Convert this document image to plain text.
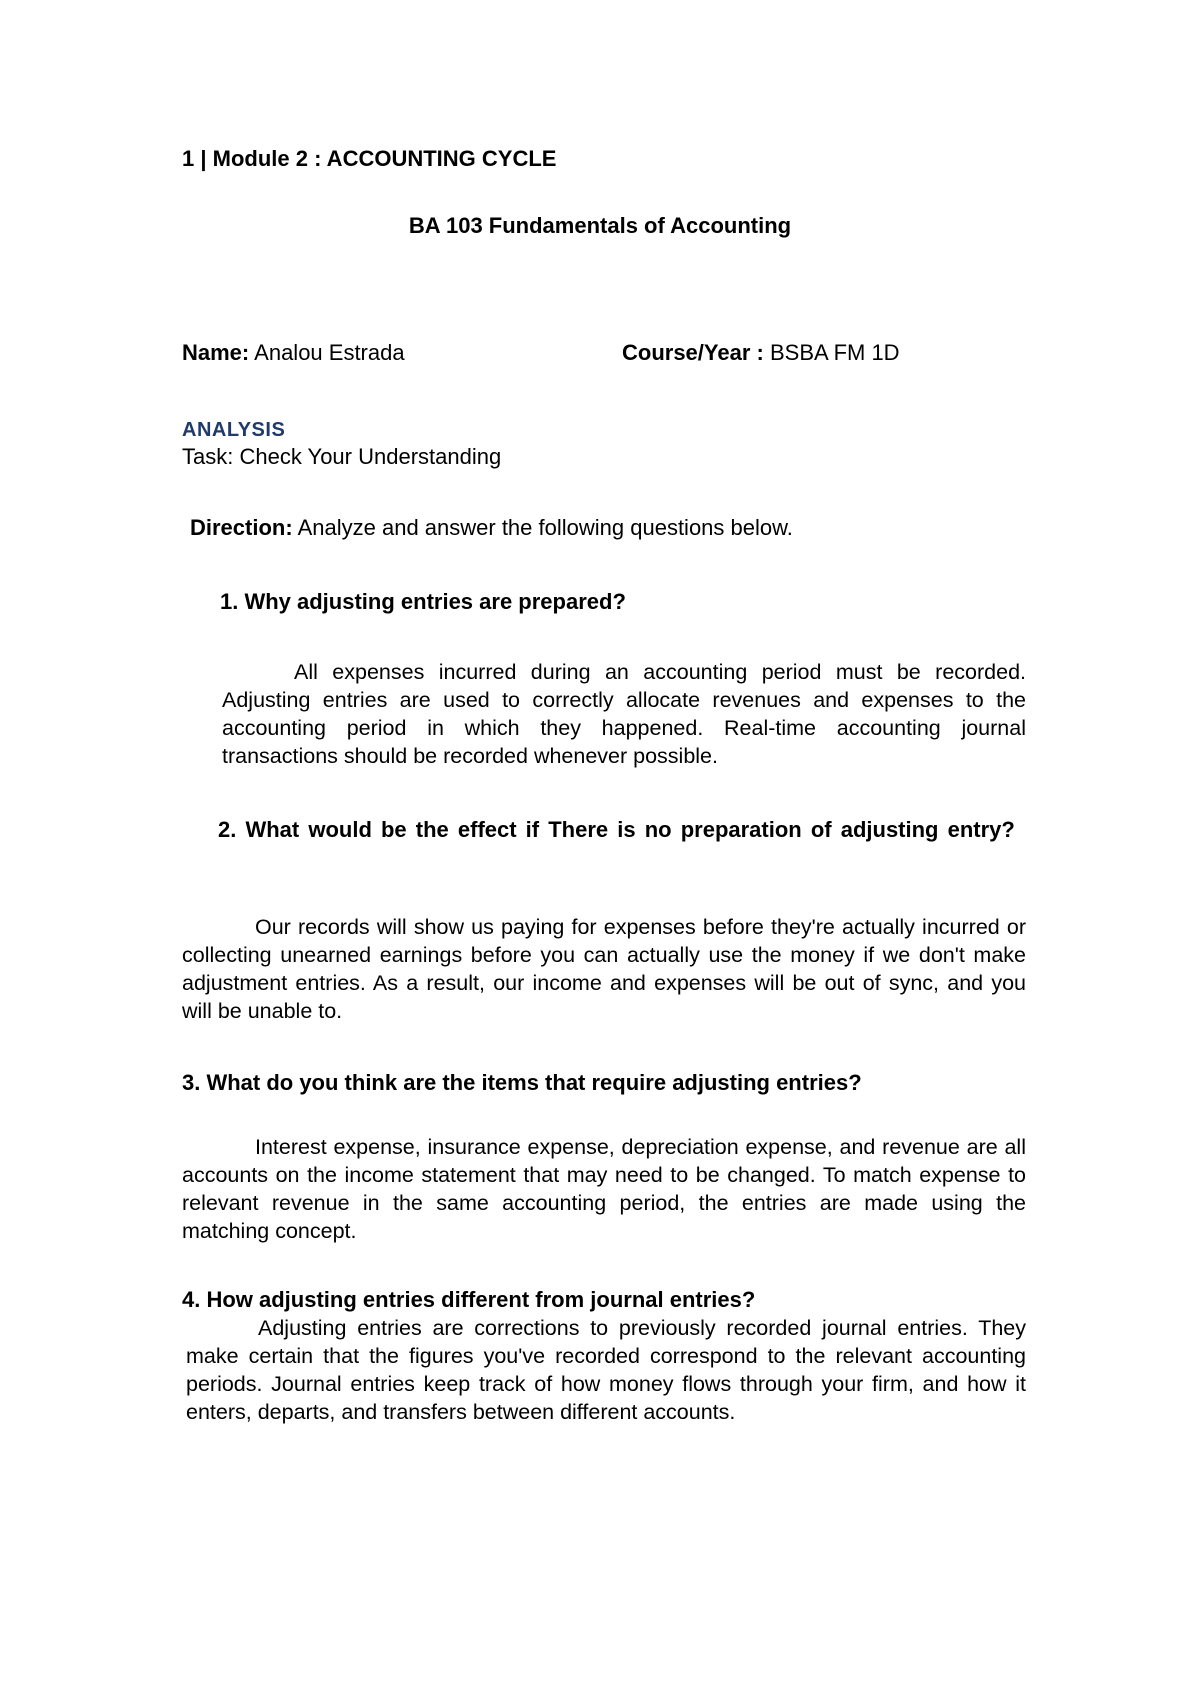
1 | Module 2 : ACCOUNTING CYCLE
BA 103 Fundamentals of Accounting
Name: Analou Estrada	Course/Year : BSBA FM 1D
ANALYSIS
Task: Check Your Understanding
Direction: Analyze and answer the following questions below.
1. Why adjusting entries are prepared?
All expenses incurred during an accounting period must be recorded. Adjusting entries are used to correctly allocate revenues and expenses to the accounting period in which they happened. Real-time accounting journal transactions should be recorded whenever possible.
2. What would be the effect if There is no preparation of adjusting entry?
Our records will show us paying for expenses before they're actually incurred or collecting unearned earnings before you can actually use the money if we don't make adjustment entries. As a result, our income and expenses will be out of sync, and you will be unable to.
3. What do you think are the items that require adjusting entries?
Interest expense, insurance expense, depreciation expense, and revenue are all accounts on the income statement that may need to be changed. To match expense to relevant revenue in the same accounting period, the entries are made using the matching concept.
4. How adjusting entries different from journal entries?
Adjusting entries are corrections to previously recorded journal entries. They make certain that the figures you've recorded correspond to the relevant accounting periods. Journal entries keep track of how money flows through your firm, and how it enters, departs, and transfers between different accounts.
